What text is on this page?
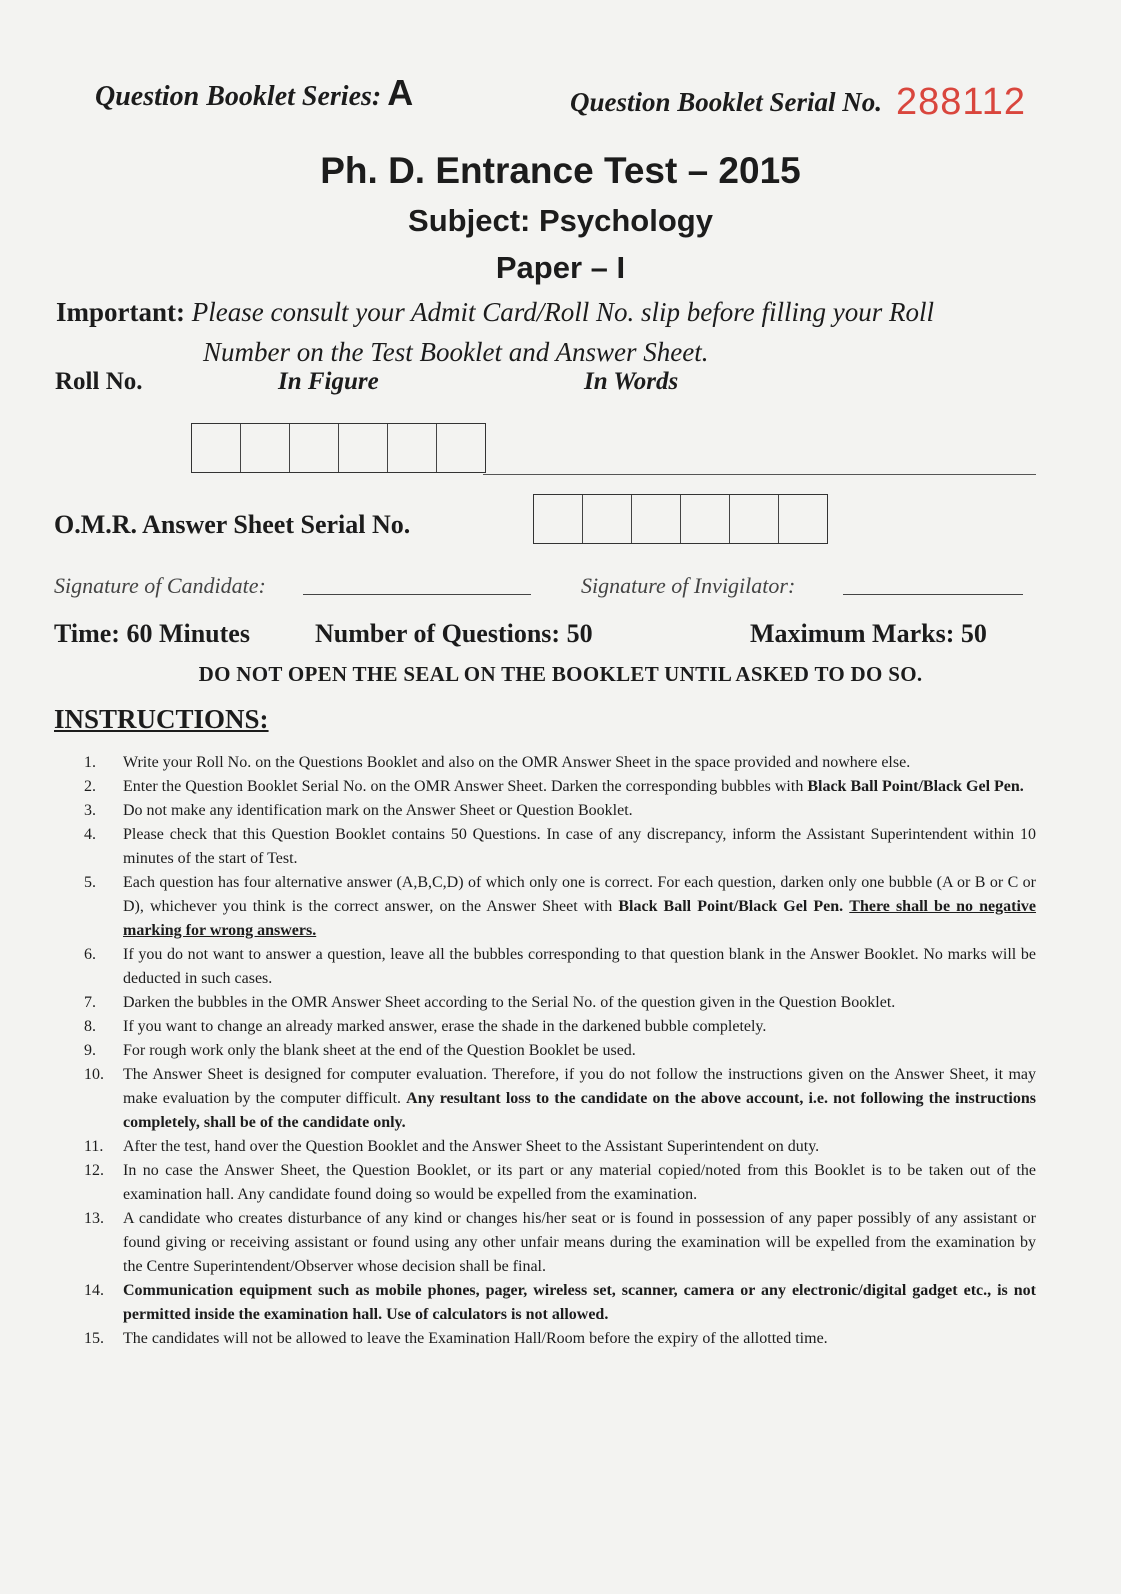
Question Booklet Series: A	Question Booklet Serial No. 288112
Ph. D. Entrance Test – 2015
Subject: Psychology
Paper – I
Important: Please consult your Admit Card/Roll No. slip before filling your Roll
Number on the Test Booklet and Answer Sheet.
Roll No.	In Figure	In Words
O.M.R. Answer Sheet Serial No.
Signature of Candidate:	Signature of Invigilator:
Time: 60 Minutes	Number of Questions: 50	Maximum Marks: 50
DO NOT OPEN THE SEAL ON THE BOOKLET UNTIL ASKED TO DO SO.
INSTRUCTIONS:
1.	Write your Roll No. on the Questions Booklet and also on the OMR Answer Sheet in the space provided and nowhere else.
2.	Enter the Question Booklet Serial No. on the OMR Answer Sheet. Darken the corresponding bubbles with Black Ball Point/Black Gel Pen.
3.	Do not make any identification mark on the Answer Sheet or Question Booklet.
4.	Please check that this Question Booklet contains 50 Questions. In case of any discrepancy, inform the Assistant Superintendent within 10 minutes of the start of Test.
5.	Each question has four alternative answer (A,B,C,D) of which only one is correct. For each question, darken only one bubble (A or B or C or D), whichever you think is the correct answer, on the Answer Sheet with Black Ball Point/Black Gel Pen. There shall be no negative marking for wrong answers.
6.	If you do not want to answer a question, leave all the bubbles corresponding to that question blank in the Answer Booklet. No marks will be deducted in such cases.
7.	Darken the bubbles in the OMR Answer Sheet according to the Serial No. of the question given in the Question Booklet.
8.	If you want to change an already marked answer, erase the shade in the darkened bubble completely.
9.	For rough work only the blank sheet at the end of the Question Booklet be used.
10.	The Answer Sheet is designed for computer evaluation. Therefore, if you do not follow the instructions given on the Answer Sheet, it may make evaluation by the computer difficult. Any resultant loss to the candidate on the above account, i.e. not following the instructions completely, shall be of the candidate only.
11.	After the test, hand over the Question Booklet and the Answer Sheet to the Assistant Superintendent on duty.
12.	In no case the Answer Sheet, the Question Booklet, or its part or any material copied/noted from this Booklet is to be taken out of the examination hall. Any candidate found doing so would be expelled from the examination.
13.	A candidate who creates disturbance of any kind or changes his/her seat or is found in possession of any paper possibly of any assistant or found giving or receiving assistant or found using any other unfair means during the examination will be expelled from the examination by the Centre Superintendent/Observer whose decision shall be final.
14.	Communication equipment such as mobile phones, pager, wireless set, scanner, camera or any electronic/digital gadget etc., is not permitted inside the examination hall. Use of calculators is not allowed.
15.	The candidates will not be allowed to leave the Examination Hall/Room before the expiry of the allotted time.
